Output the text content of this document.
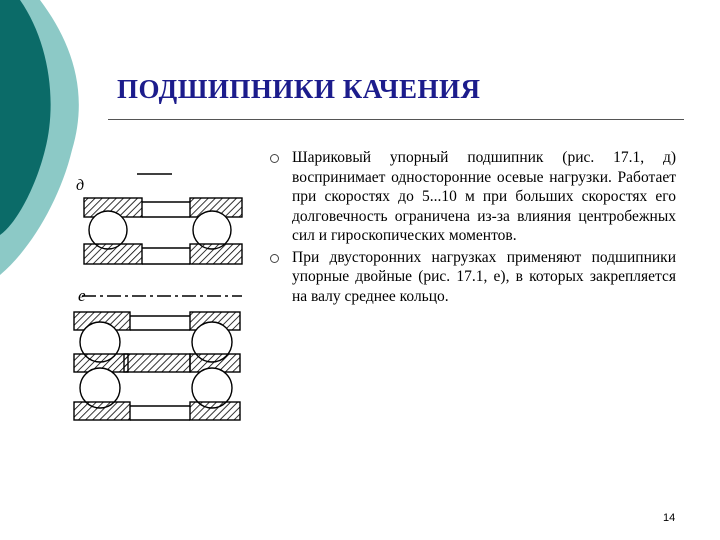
ПОДШИПНИКИ КАЧЕНИЯ
д
е
Шариковый упорный подшипник (рис. 17.1, д) воспринимает односторонние осевые нагрузки. Работает при скоростях до 5...10 м при больших скоростях его долговечность ограничена из-за влияния центробежных сил и гироскопических моментов.
При двусторонних нагрузках применяют подшипники упорные двойные (рис. 17.1, е), в которых закрепляется на валу среднее кольцо.
14
